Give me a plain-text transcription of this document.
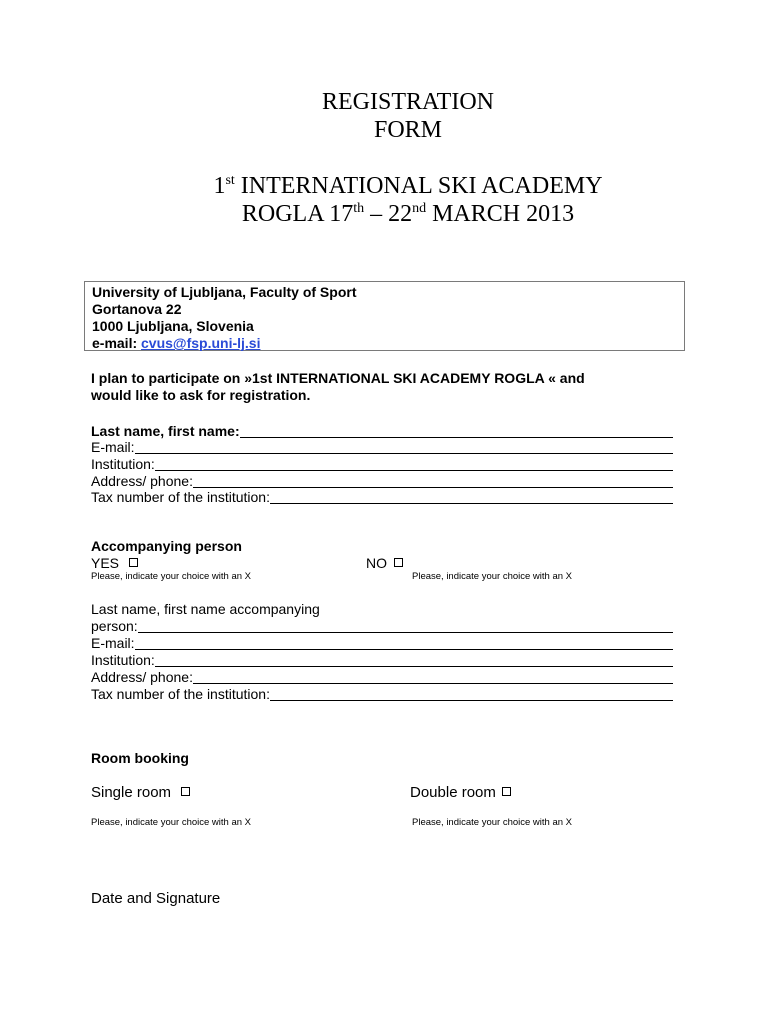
REGISTRATION
FORM
1st INTERNATIONAL SKI ACADEMY
ROGLA 17th – 22nd MARCH 2013
University of Ljubljana, Faculty of Sport
Gortanova 22
1000 Ljubljana, Slovenia
e-mail: cvus@fsp.uni-lj.si
I plan to participate on »1st INTERNATIONAL SKI ACADEMY ROGLA « and
would like to ask for registration.
Last name, first name:
E-mail:
Institution:
Address/ phone:
Tax number of the institution:
Accompanying person
YES	NO
Please, indicate your choice with an X	Please, indicate your choice with an X
Last name, first name accompanying
person:
E-mail:
Institution:
Address/ phone:
Tax number of the institution:
Room booking
Single room	Double room
Please, indicate your choice with an X	Please, indicate your choice with an X
Date and Signature
